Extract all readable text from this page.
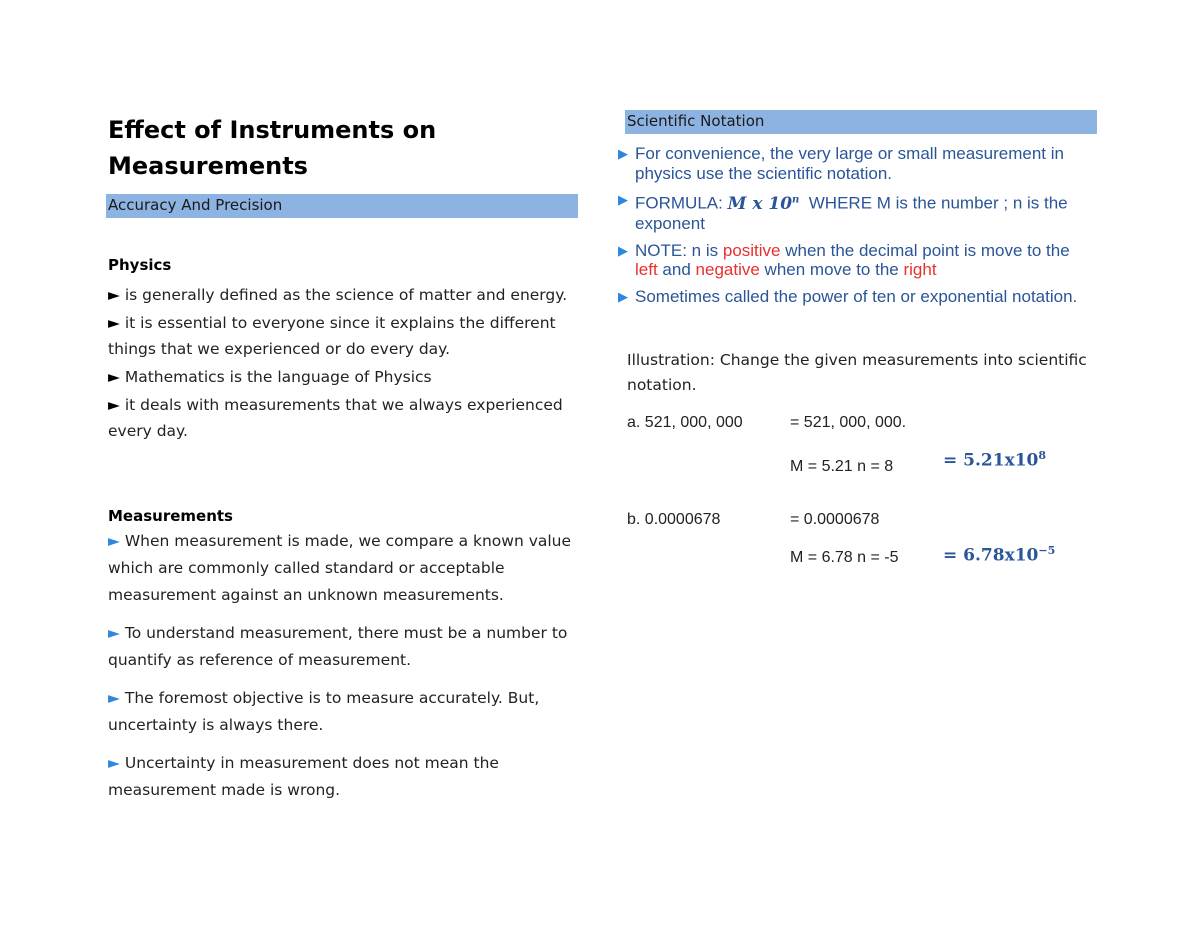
Effect of Instruments on
Measurements
Accuracy And Precision
Physics
► is generally defined as the science of matter and energy.
► it is essential to everyone since it explains the different things that we experienced or do every day.
► Mathematics is the language of Physics
► it deals with measurements that we always experienced every day.
Measurements
► When measurement is made, we compare a known value which are commonly called standard or acceptable measurement against an unknown measurements.
► To understand measurement, there must be a number to quantify as reference of measurement.
► The foremost objective is to measure accurately. But, uncertainty is always there.
► Uncertainty in measurement does not mean the measurement made is wrong.
Scientific Notation
▶ For convenience, the very large or small measurement in physics use the scientific notation.
▶ FORMULA: M x 10$^n$ WHERE M is the number ; n is the exponent
▶ NOTE: n is positive when the decimal point is move to the left and negative when move to the right
▶ Sometimes called the power of ten or exponential notation.
Illustration: Change the given measurements into scientific notation.
a. 521, 000, 000	= 521, 000, 000.
M = 5.21 n = 8	= $5.21x10^8$
b. 0.0000678	= 0.0000678
M = 6.78 n = -5	= $6.78x10^{-5}$
